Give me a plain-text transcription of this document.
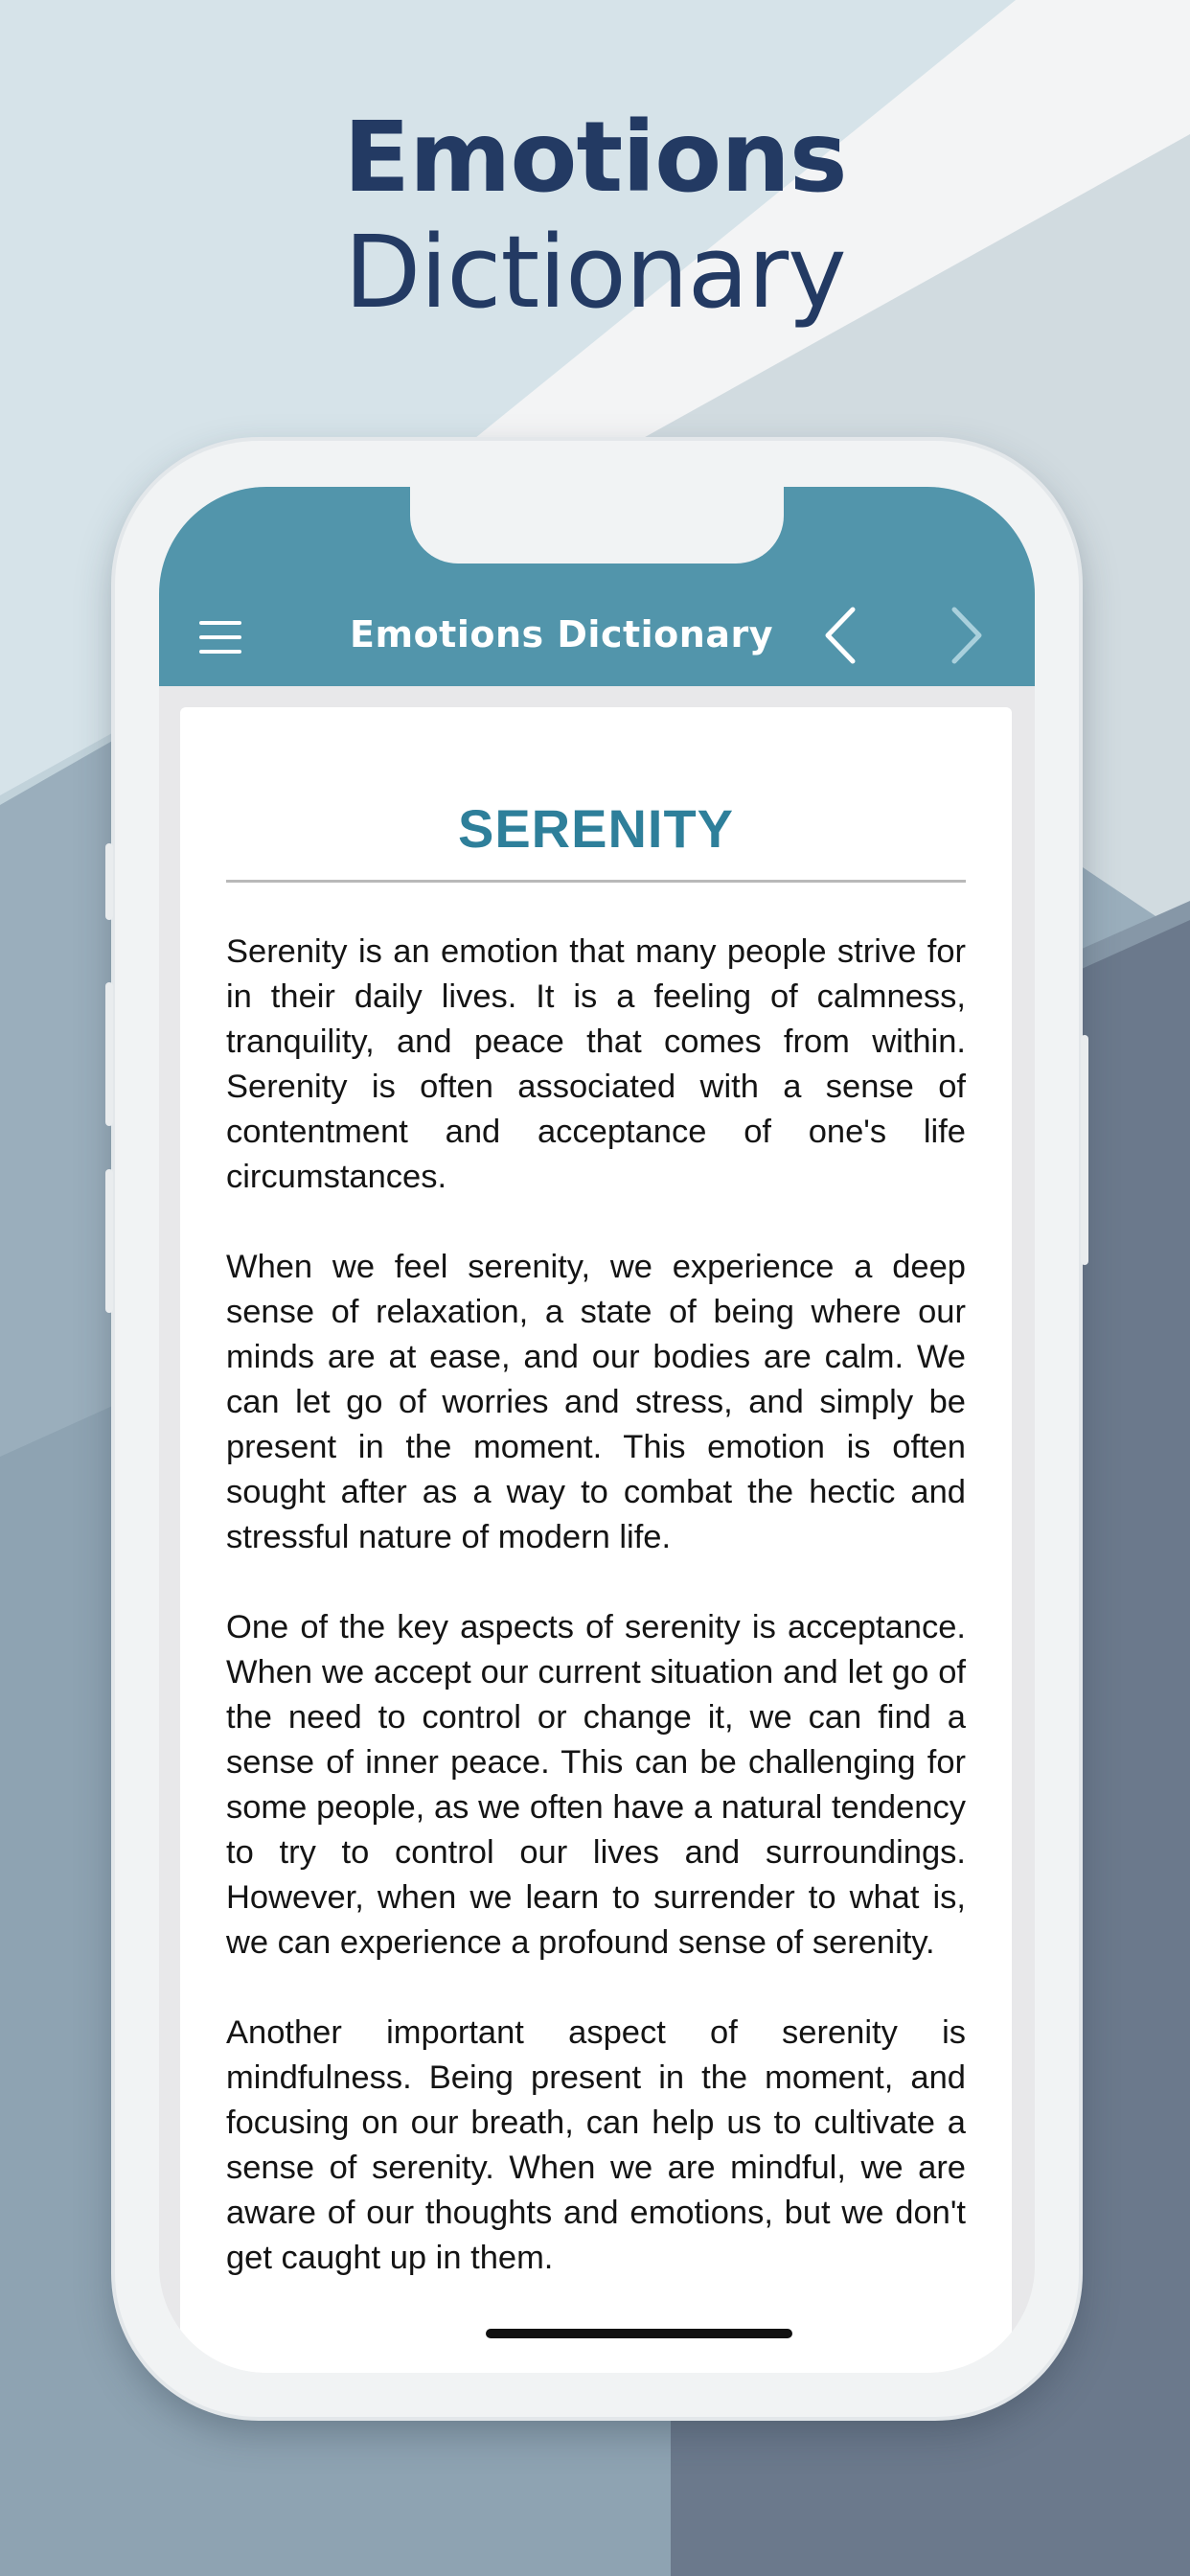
Emotions
Dictionary
Emotions Dictionary
SERENITY

Serenity is an emotion that many people strive for in their daily lives. It is a feeling of calmness, tranquility, and peace that comes from within. Serenity is often associated with a sense of contentment and acceptance of one's life circumstances.

When we feel serenity, we experience a deep sense of relaxation, a state of being where our minds are at ease, and our bodies are calm. We can let go of worries and stress, and simply be present in the moment. This emotion is often sought after as a way to combat the hectic and stressful nature of modern life.

One of the key aspects of serenity is acceptance. When we accept our current situation and let go of the need to control or change it, we can find a sense of inner peace. This can be challenging for some people, as we often have a natural tendency to try to control our lives and surroundings. However, when we learn to surrender to what is, we can experience a profound sense of serenity.

Another important aspect of serenity is mindfulness. Being present in the moment, and focusing on our breath, can help us to cultivate a sense of serenity. When we are mindful, we are aware of our thoughts and emotions, but we don't get caught up in them.
